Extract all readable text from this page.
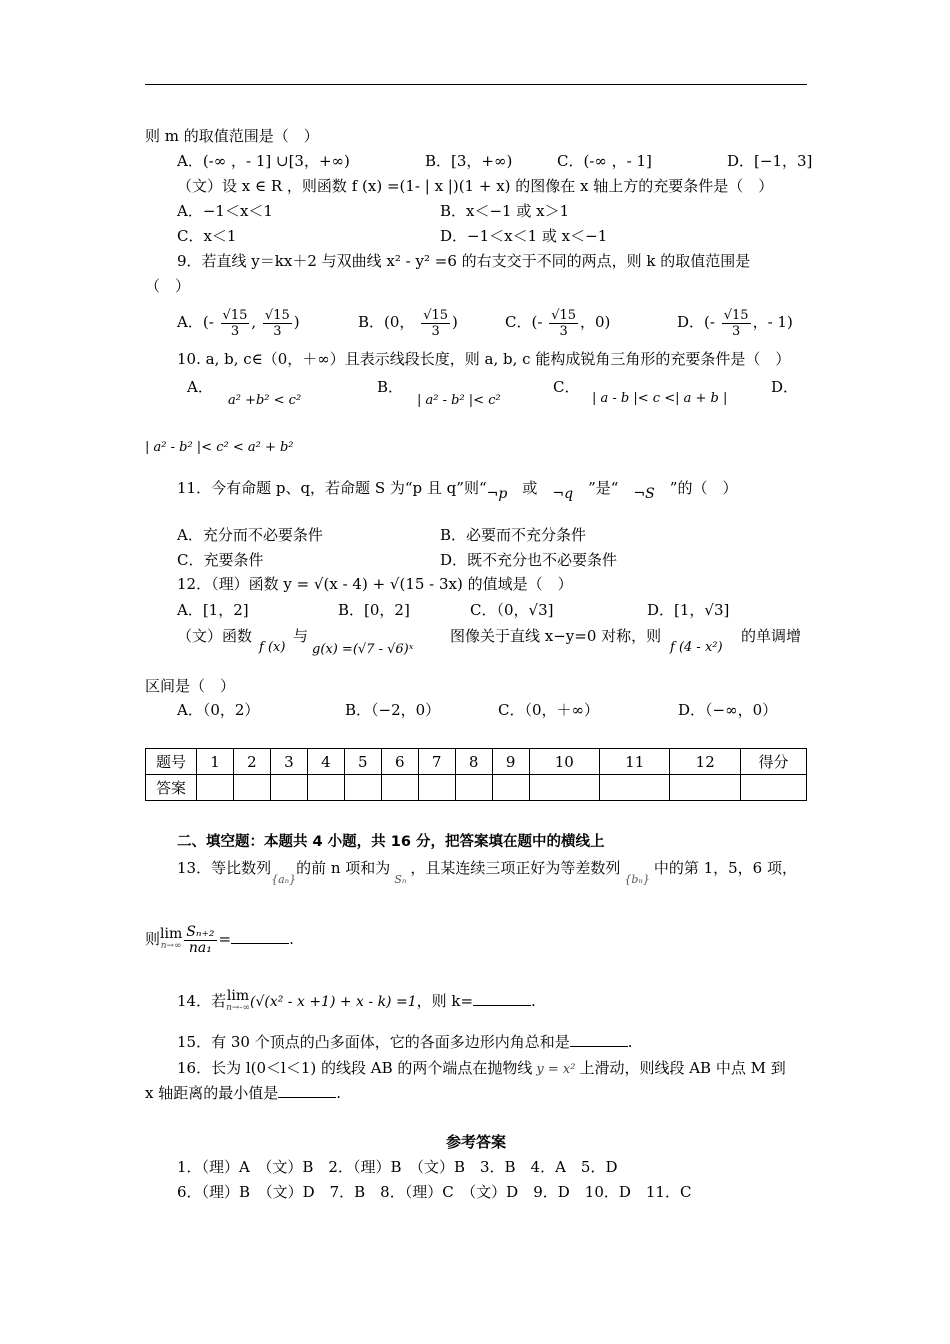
则 m 的取值范围是（　）
A．(-∞ ，- 1] ∪[3，+∞)	B．[3，+∞)	C．(-∞ ，- 1]	D．[−1，3]
（文）设 x ∈ R ，则函数 f (x) =(1- | x |)(1 + x) 的图像在 x 轴上方的充要条件是（　）
A．−1＜x＜1	B．x＜−1 或 x＞1
C．x＜1	D．−1＜x＜1 或 x＜−1
9．若直线 y＝kx＋2 与双曲线 x² - y² =6 的右支交于不同的两点，则 k 的取值范围是
（　）
A．(- $\frac{√15}{3}$ , $\frac{√15}{3}$ )	B．(0， $\frac{√15}{3}$ )	C．(- $\frac{√15}{3}$ ，0)	D．(- $\frac{√15}{3}$ ，- 1)
10. a, b, c∈（0，＋∞）且表示线段长度，则 a, b, c 能构成锐角三角形的充要条件是（　）
A．
a² +b² < c²
B．
| a² - b² |< c²
C．
| a - b |< c <| a + b |
D．
| a² - b² |< c² < a² + b²
11．今有命题 p、q，若命题 S 为“p 且 q”则“¬p　 或　 ¬q　 ”是“　 ¬S　 ”的（　）
A．充分而不必要条件	B．必要而不充分条件
C．充要条件	D．既不充分也不必要条件
12．（理）函数 y = √(x - 4) + √(15 - 3x) 的值域是（　）
A．[1，2]	B．[0，2]	C．（0，√3]	D．[1，√3]
（文）函数
f (x)
与
g(x) =(√7 - √6)ˣ
图像关于直线 x−y=0 对称，则
f (4 - x²)
的单调增
区间是（　）
A．（0，2）	B．（−2，0）	C．（0，＋∞）	D．（−∞，0）
题号	1	2	3	4	5	6	7	8	9	10	11	12	得分
答案													
二、填空题：本题共 4 小题，共 16 分，把答案填在题中的横线上
13．等比数列$_{\{a_n\}}$的前 n 项和为$_{S_n}$，且某连续三项正好为等差数列$_{\{b_n\}}$中的第 1，5，6 项，
则lim
$n\to\infty \frac{\text{Sₙ₊₂}}{\text{na₁}}$ =	.
14．若lim
n→-∞ (√(x² - x +1) + x - k) =1，则 k=	.
15．有 30 个顶点的凸多面体，它的各面多边形内角总和是	.
16．长为 l(0＜l＜1) 的线段 AB 的两个端点在抛物线 y = x² 上滑动，则线段 AB 中点 M 到
x 轴距离的最小值是	.
参考答案
1．（理）A　（文）B　2．（理）B　（文）B　3．B　4．A　5．D
6．（理）B　（文）D　7．B　8．（理）C　（文）D　9．D　10．D　11．C
